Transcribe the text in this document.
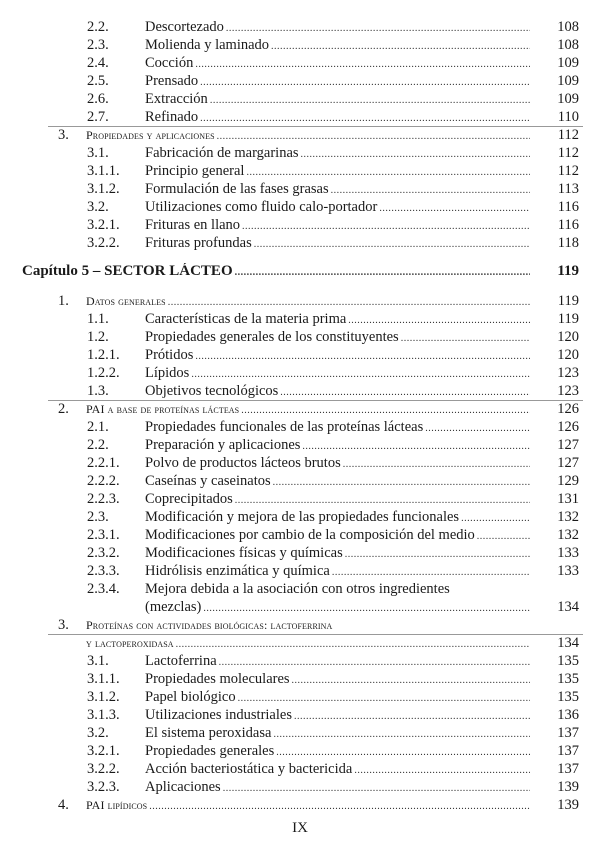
2.2.	Descortezado .....	108
2.3.	Molienda y laminado .....	108
2.4.	Cocción .....	109
2.5.	Prensado .....	109
2.6.	Extracción .....	109
2.7.	Refinado .....	110
3. Propiedades y aplicaciones .....	112
3.1.	Fabricación de margarinas .....	112
3.1.1. Principio general .....	112
3.1.2. Formulación de las fases grasas .....	113
3.2.	Utilizaciones como fluido calo-portador .....	116
3.2.1. Frituras en llano .....	116
3.2.2. Frituras profundas .....	118
Capítulo 5 – SECTOR LÁCTEO .....	119
1. Datos generales .....	119
1.1.	Características de la materia prima .....	119
1.2.	Propiedades generales de los constituyentes .....	120
1.2.1. Prótidos .....	120
1.2.2. Lípidos .....	123
1.3.	Objetivos tecnológicos .....	123
2. PAI a base de proteínas lácteas .....	126
2.1.	Propiedades funcionales de las proteínas lácteas .....	126
2.2.	Preparación y aplicaciones .....	127
2.2.1. Polvo de productos lácteos brutos .....	127
2.2.2. Caseínas y caseinatos .....	129
2.2.3. Coprecipitados .....	131
2.3.	Modificación y mejora de las propiedades funcionales .....	132
2.3.1. Modificaciones por cambio de la composición del medio .....	132
2.3.2. Modificaciones físicas y químicas .....	133
2.3.3. Hidrólisis enzimática y química .....	133
2.3.4. Mejora debida a la asociación con otros ingredientes
(mezclas) .....	134
3. Proteínas con actividades biológicas: lactoferrina
y lactoperoxidasa .....	134
3.1.	Lactoferrina .....	135
3.1.1. Propiedades moleculares .....	135
3.1.2. Papel biológico .....	135
3.1.3. Utilizaciones industriales .....	136
3.2.	El sistema peroxidasa .....	137
3.2.1. Propiedades generales .....	137
3.2.2. Acción bacteriostática y bactericida .....	137
3.2.3. Aplicaciones .....	139
4. PAI lipídicos .....	139
IX
